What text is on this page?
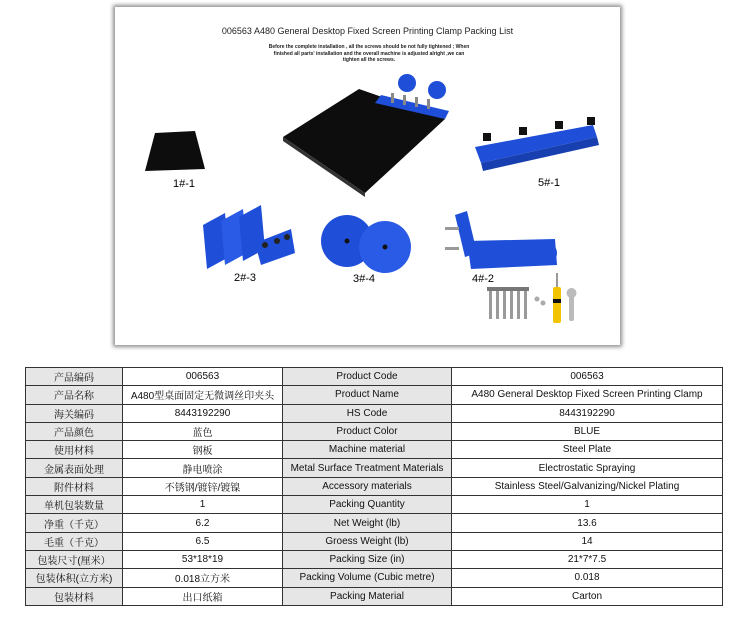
006563 A480 General Desktop Fixed Screen Printing Clamp Packing List
Before the complete installation , all the screws should be not fully tightened ; When finished all parts' installation and the overall machine is adjusted alright ,we can tighten all the screws.
1#-1	5#-1
2#-3	3#-4	4#-2
产品编码	006563	Product Code	006563
产品名称	A480型桌面固定无微调丝印夹头	Product Name	A480 General Desktop Fixed Screen Printing Clamp
海关编码	8443192290	HS Code	8443192290
产品颜色	蓝色	Product Color	BLUE
使用材料	钢板	Machine material	Steel Plate
金属表面处理	静电喷涂	Metal Surface Treatment Materials	Electrostatic Spraying
附件材料	不锈钢/镀锌/镀镍	Accessory materials	Stainless Steel/Galvanizing/Nickel Plating
单机包装数量	1	Packing Quantity	1
净重（千克）	6.2	Net Weight (lb)	13.6
毛重（千克）	6.5	Groess Weight (lb)	14
包装尺寸(厘米）	53*18*19	Packing Size (in)	21*7*7.5
包装体积(立方米)	0.018立方米	Packing Volume (Cubic metre)	0.018
包装材料	出口纸箱	Packing Material	Carton
